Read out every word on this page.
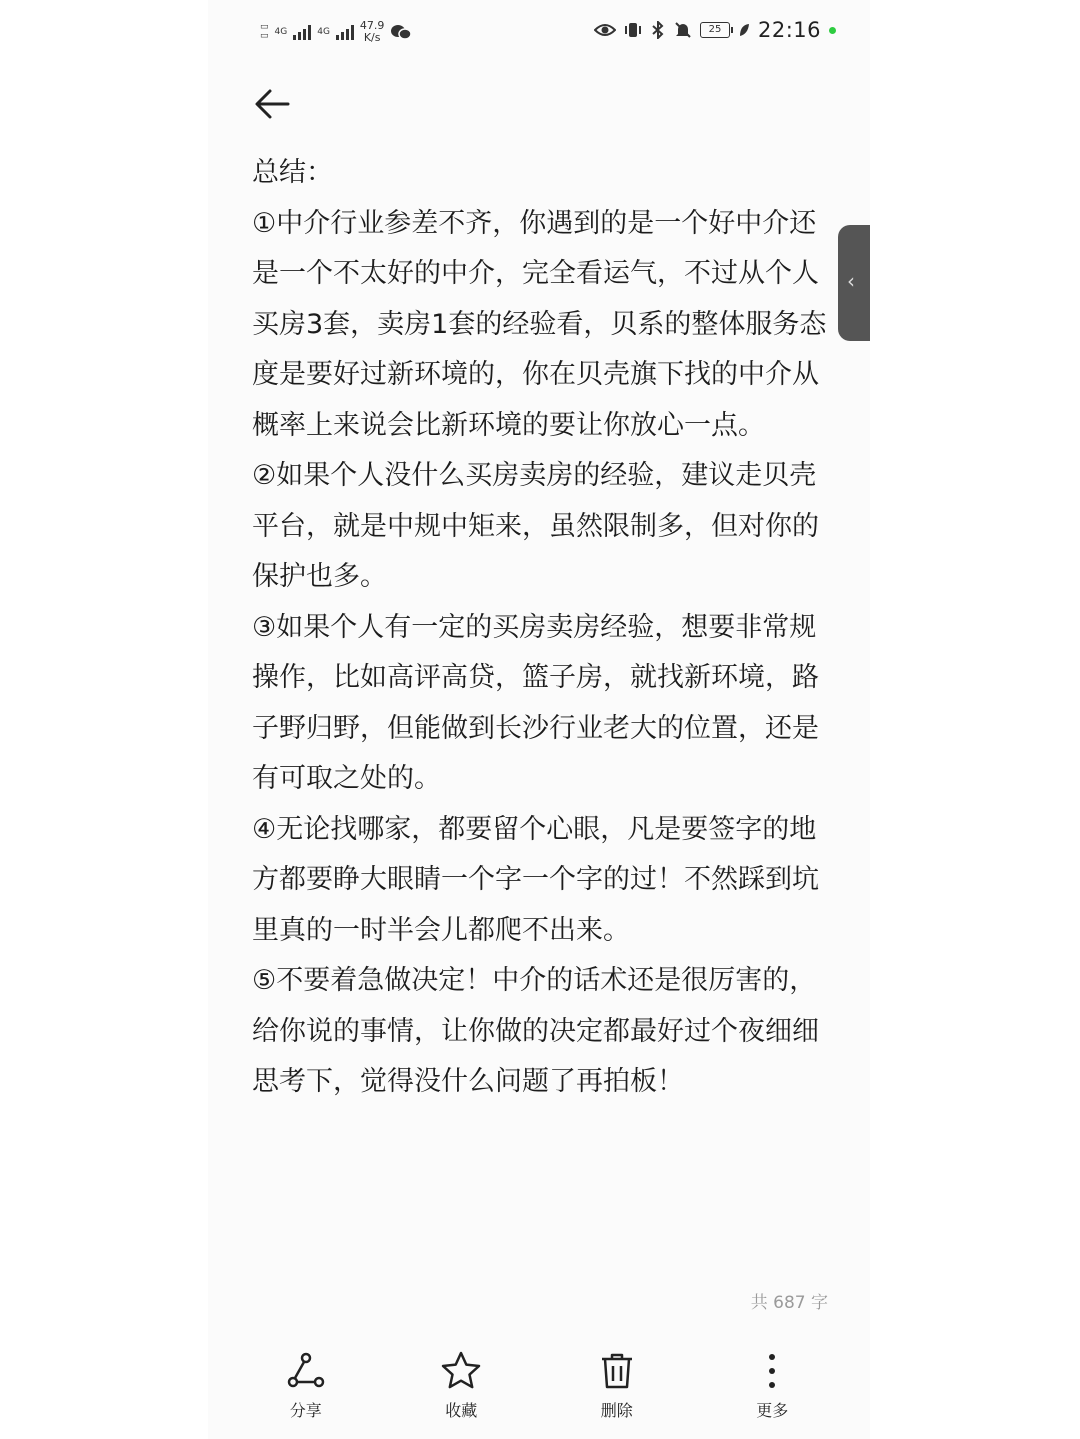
▭
▭ 4G	4G	47.9
K/s
25	22:16

总结：

①中介行业参差不齐，你遇到的是一个好中介还是一个不太好的中介，完全看运气，不过从个人买房3套，卖房1套的经验看，贝系的整体服务态度是要好过新环境的，你在贝壳旗下找的中介从概率上来说会比新环境的要让你放心一点。

②如果个人没什么买房卖房的经验，建议走贝壳平台，就是中规中矩来，虽然限制多，但对你的保护也多。

③如果个人有一定的买房卖房经验，想要非常规操作，比如高评高贷，篮子房，就找新环境，路子野归野，但能做到长沙行业老大的位置，还是有可取之处的。

④无论找哪家，都要留个心眼，凡是要签字的地方都要睁大眼睛一个字一个字的过！不然踩到坑里真的一时半会儿都爬不出来。

⑤不要着急做决定！中介的话术还是很厉害的，给你说的事情，让你做的决定都最好过个夜细细思考下，觉得没什么问题了再拍板！

‹
共 687 字
分享	收藏	删除	更多
